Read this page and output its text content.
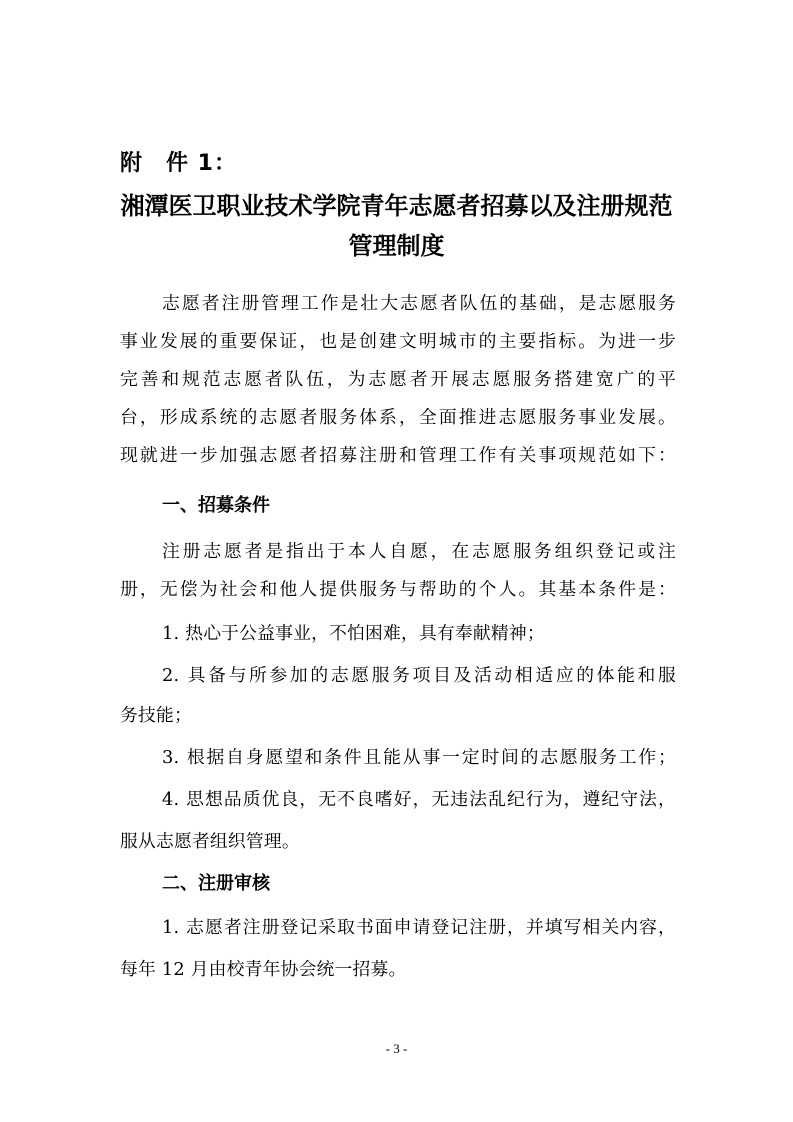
附　件 1：
湘潭医卫职业技术学院青年志愿者招募以及注册规范
管理制度
志愿者注册管理工作是壮大志愿者队伍的基础，是志愿服务
事业发展的重要保证，也是创建文明城市的主要指标。为进一步
完善和规范志愿者队伍，为志愿者开展志愿服务搭建宽广的平
台，形成系统的志愿者服务体系，全面推进志愿服务事业发展。
现就进一步加强志愿者招募注册和管理工作有关事项规范如下：
一、招募条件
注册志愿者是指出于本人自愿，在志愿服务组织登记或注
册，无偿为社会和他人提供服务与帮助的个人。其基本条件是：
1. 热心于公益事业，不怕困难，具有奉献精神；
2. 具备与所参加的志愿服务项目及活动相适应的体能和服
务技能；
3. 根据自身愿望和条件且能从事一定时间的志愿服务工作；
4. 思想品质优良，无不良嗜好，无违法乱纪行为，遵纪守法，
服从志愿者组织管理。
二、注册审核
1. 志愿者注册登记采取书面申请登记注册，并填写相关内容，
每年 12 月由校青年协会统一招募。
- 3 -
